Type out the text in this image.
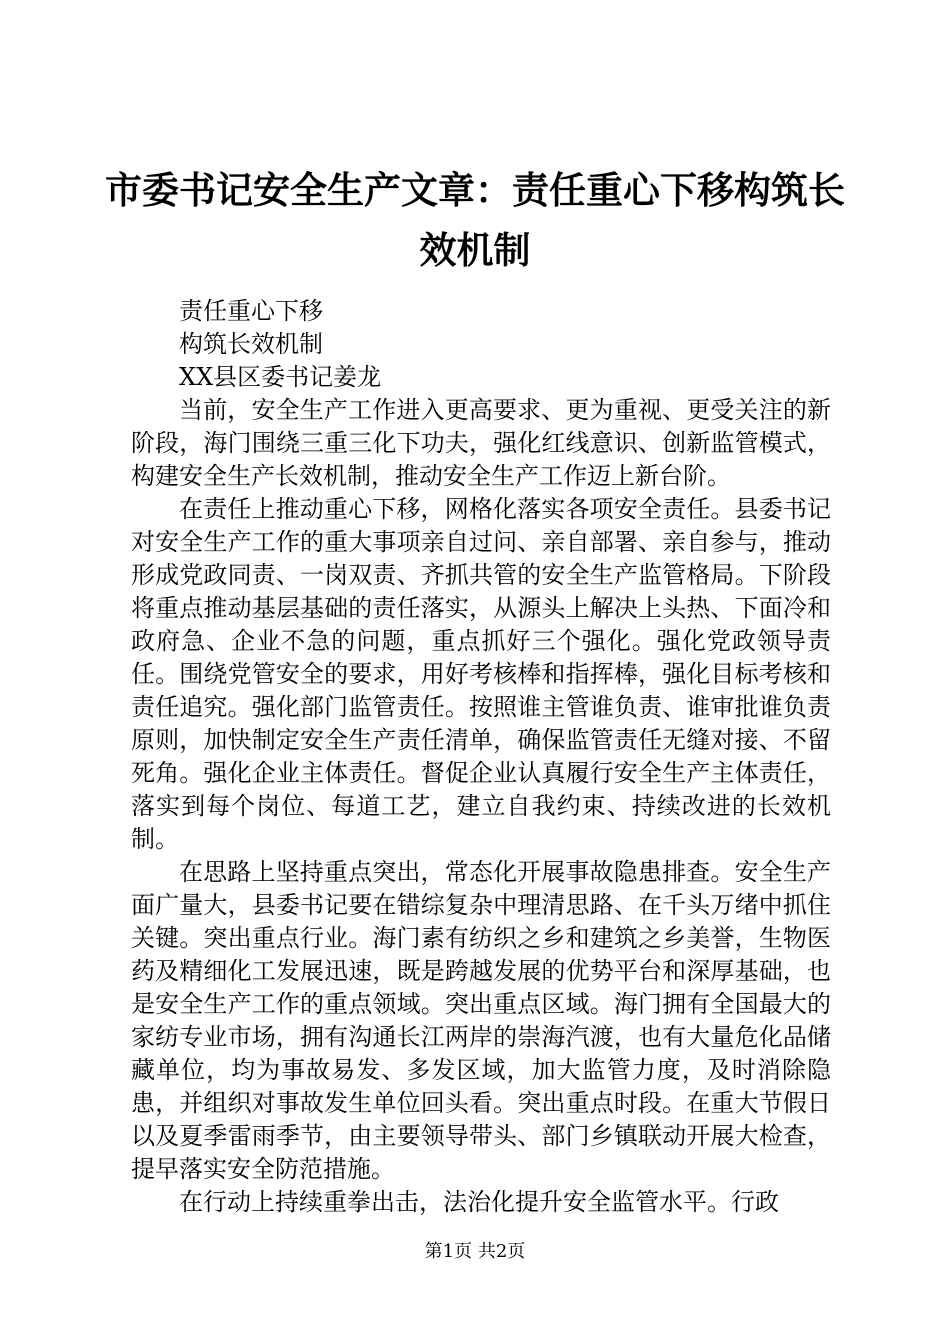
市委书记安全生产文章：责任重心下移构筑长效机制

责任重心下移

构筑长效机制

XX县区委书记姜龙

当前，安全生产工作进入更高要求、更为重视、更受关注的新阶段，海门围绕三重三化下功夫，强化红线意识、创新监管模式，构建安全生产长效机制，推动安全生产工作迈上新台阶。

在责任上推动重心下移，网格化落实各项安全责任。县委书记对安全生产工作的重大事项亲自过问、亲自部署、亲自参与，推动形成党政同责、一岗双责、齐抓共管的安全生产监管格局。下阶段将重点推动基层基础的责任落实，从源头上解决上头热、下面冷和政府急、企业不急的问题，重点抓好三个强化。强化党政领导责任。围绕党管安全的要求，用好考核棒和指挥棒，强化目标考核和责任追究。强化部门监管责任。按照谁主管谁负责、谁审批谁负责原则，加快制定安全生产责任清单，确保监管责任无缝对接、不留死角。强化企业主体责任。督促企业认真履行安全生产主体责任，落实到每个岗位、每道工艺，建立自我约束、持续改进的长效机制。

在思路上坚持重点突出，常态化开展事故隐患排查。安全生产面广量大，县委书记要在错综复杂中理清思路、在千头万绪中抓住关键。突出重点行业。海门素有纺织之乡和建筑之乡美誉，生物医药及精细化工发展迅速，既是跨越发展的优势平台和深厚基础，也是安全生产工作的重点领域。突出重点区域。海门拥有全国最大的家纺专业市场，拥有沟通长江两岸的崇海汽渡，也有大量危化品储藏单位，均为事故易发、多发区域，加大监管力度，及时消除隐患，并组织对事故发生单位回头看。突出重点时段。在重大节假日以及夏季雷雨季节，由主要领导带头、部门乡镇联动开展大检查，提早落实安全防范措施。

在行动上持续重拳出击，法治化提升安全监管水平。行政

第1页 共2页
